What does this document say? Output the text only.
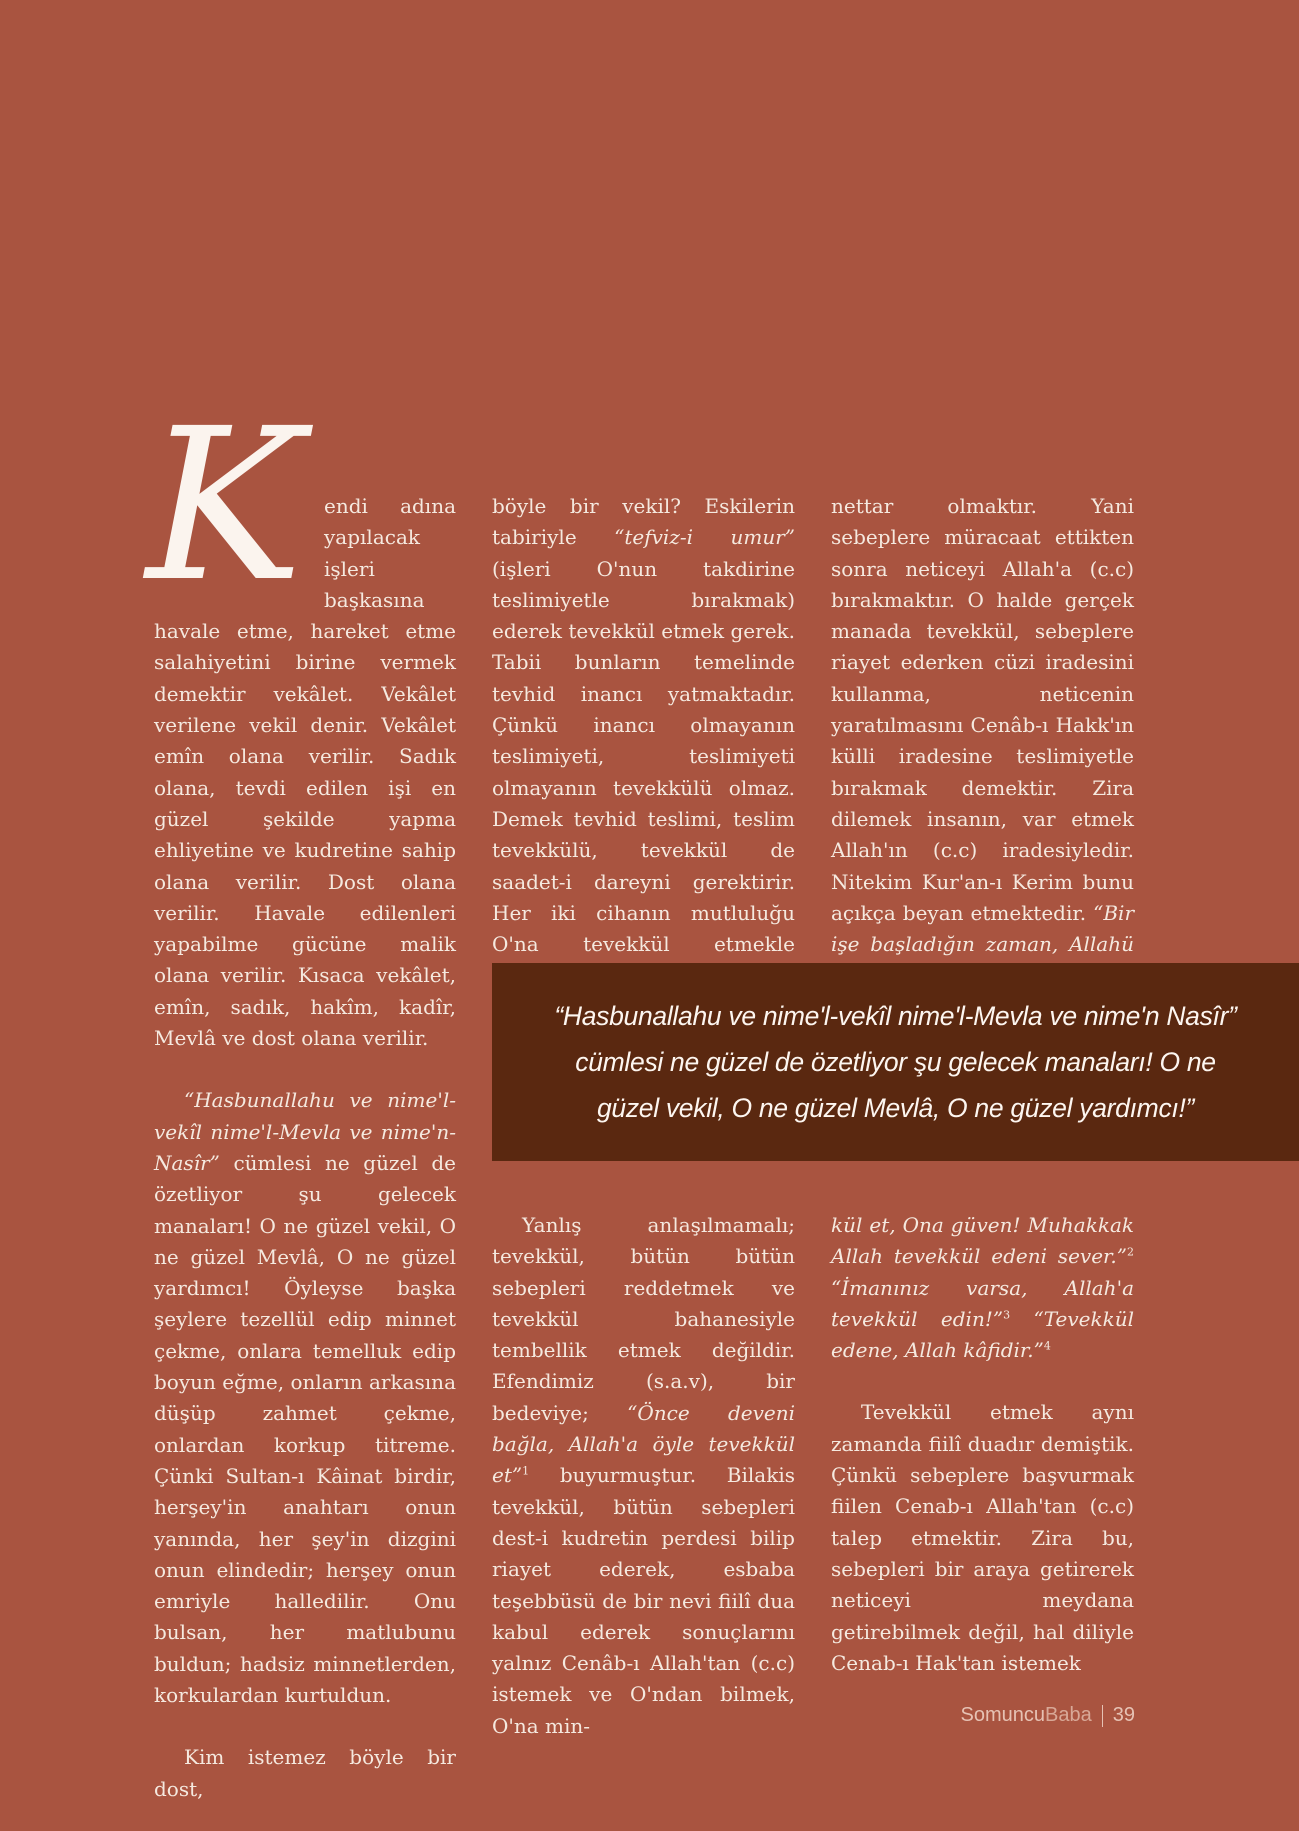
K endi adına yapılacak işleri başkasına havale etme, hareket etme salahiyetini birine vermek demektir vekâlet. Vekâlet verilene vekil denir. Vekâlet emîn olana verilir. Sadık olana, tevdi edilen işi en güzel şekilde yapma ehliyetine ve kudretine sahip olana verilir. Dost olana verilir. Havale edilenleri yapabilme gücüne malik olana verilir. Kısaca vekâlet, emîn, sadık, hakîm, kadîr, Mevlâ ve dost olana verilir.

“Hasbunallahu ve nime'l-vekîl nime'l-Mevla ve nime'n-Nasîr” cümlesi ne güzel de özetliyor şu gelecek manaları! O ne güzel vekil, O ne güzel Mevlâ, O ne güzel yardımcı! Öyleyse başka şeylere tezellül edip minnet çekme, onlara temelluk edip boyun eğme, onların arkasına düşüp zahmet çekme, onlardan korkup titreme. Çünki Sultan-ı Kâinat birdir, herşey'in anahtarı onun yanında, her şey'in dizgini onun elindedir; herşey onun emriyle halledilir. Onu bulsan, her matlubunu buldun; hadsiz minnetlerden, korkulardan kurtuldun.

Kim istemez böyle bir dost,

böyle bir vekil? Eskilerin tabiriyle “tefviz-i umur” (işleri O'nun takdirine teslimiyetle bırakmak) ederek tevekkül etmek gerek. Tabii bunların temelinde tevhid inancı yatmaktadır. Çünkü inancı olmayanın teslimiyeti, teslimiyeti olmayanın tevekkülü olmaz. Demek tevhid teslimi, teslim tevekkülü, tevekkül de saadet-i dareyni gerektirir. Her iki cihanın mutluluğu O'na tevekkül etmekle

nettar olmaktır. Yani sebeplere müracaat ettikten sonra neticeyi Allah'a (c.c) bırakmaktır. O halde gerçek manada tevekkül, sebeplere riayet ederken cüzi iradesini kullanma, neticenin yaratılmasını Cenâb-ı Hakk'ın külli iradesine teslimiyetle bırakmak demektir. Zira dilemek insanın, var etmek Allah'ın (c.c) iradesiyledir. Nitekim Kur'an-ı Kerim bunu açıkça beyan etmektedir. “Bir işe başladığın zaman, Allahü

“Hasbunallahu ve nime'l-vekîl nime'l-Mevla ve nime'n Nasîr” cümlesi ne güzel de özetliyor şu gelecek manaları! O ne güzel vekil, O ne güzel Mevlâ, O ne güzel yardımcı!”

Yanlış anlaşılmamalı; tevekkül, bütün bütün sebepleri reddetmek ve tevekkül bahanesiyle tembellik etmek değildir. Efendimiz (s.a.v), bir bedeviye; “Önce deveni bağla, Allah'a öyle tevekkül et”$^1$ buyurmuştur. Bilakis tevekkül, bütün sebepleri dest-i kudretin perdesi bilip riayet ederek, esbaba teşebbüsü de bir nevi fiilî dua kabul ederek sonuçlarını yalnız Cenâb-ı Allah'tan (c.c) istemek ve O'ndan bilmek, O'na min-

kül et, Ona güven! Muhakkak Allah tevekkül edeni sever.”$^2$ “İmanınız varsa, Allah'a tevekkül edin!”$^3$ “Tevekkül edene, Allah kâfidir.”$^4$

Tevekkül etmek aynı zamanda fiilî duadır demiştik. Çünkü sebeplere başvurmak fiilen Cenab-ı Allah'tan (c.c) talep etmektir. Zira bu, sebepleri bir araya getirerek neticeyi meydana getirebilmek değil, hal diliyle Cenab-ı Hak'tan istemek

Somuncu Baba 39
